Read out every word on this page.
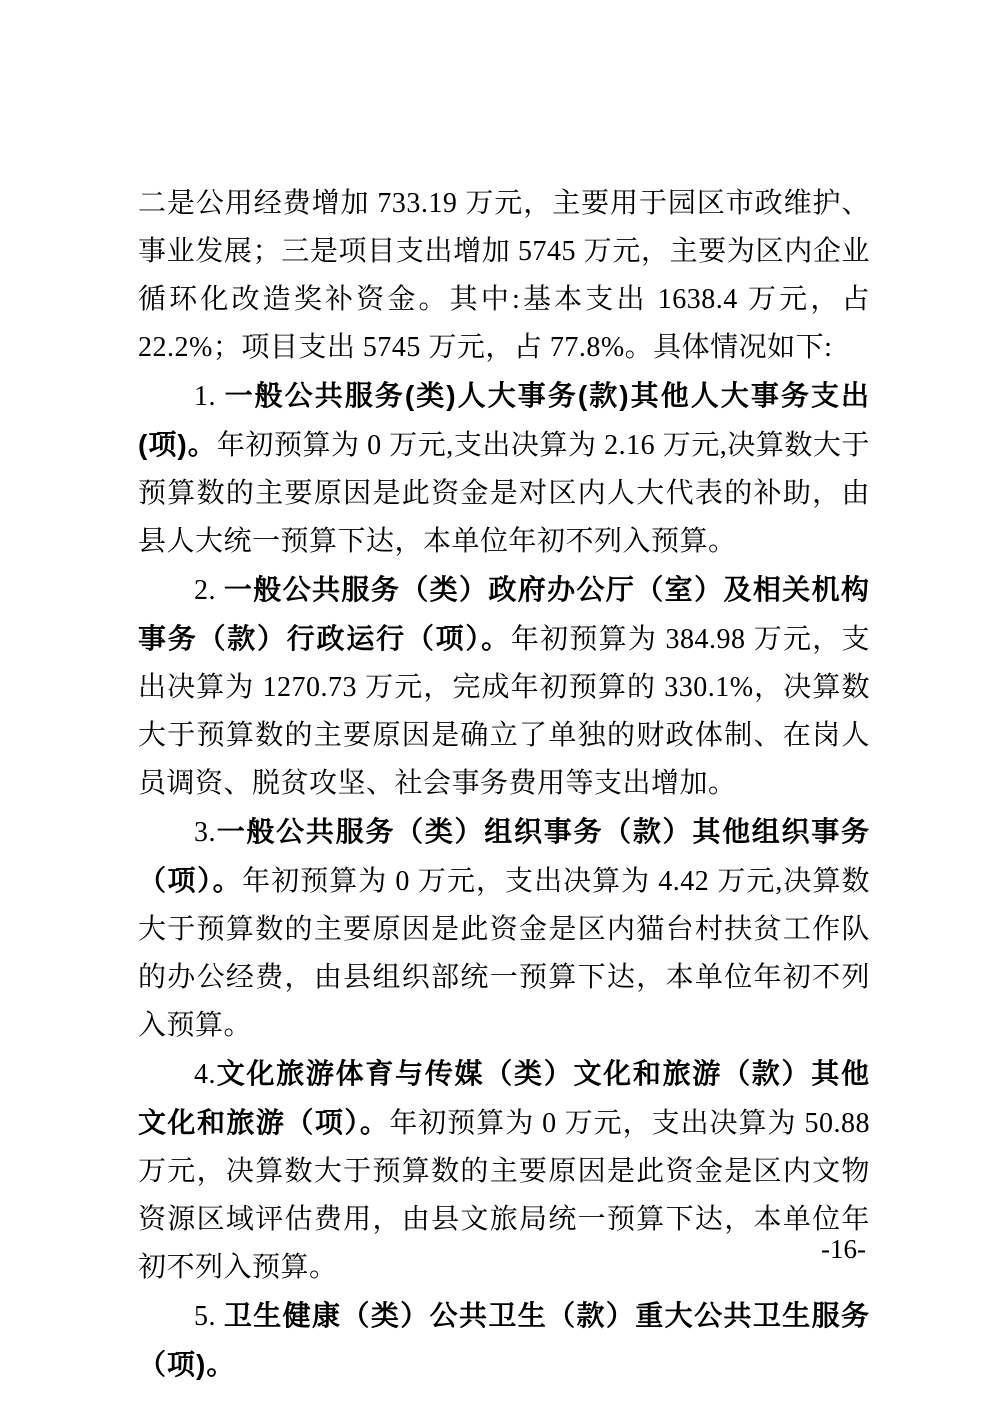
二是公用经费增加 733.19 万元，主要用于园区市政维护、事业发展；三是项目支出增加 5745 万元，主要为区内企业循环化改造奖补资金。其中:基本支出 1638.4 万元，占 22.2%；项目支出 5745 万元，占 77.8%。具体情况如下:

1. 一般公共服务(类)人大事务(款)其他人大事务支出(项)。年初预算为 0 万元,支出决算为 2.16 万元,决算数大于预算数的主要原因是此资金是对区内人大代表的补助，由县人大统一预算下达，本单位年初不列入预算。

2. 一般公共服务（类）政府办公厅（室）及相关机构事务（款）行政运行（项）。年初预算为 384.98 万元，支出决算为 1270.73 万元，完成年初预算的 330.1%，决算数大于预算数的主要原因是确立了单独的财政体制、在岗人员调资、脱贫攻坚、社会事务费用等支出增加。

3.一般公共服务（类）组织事务（款）其他组织事务（项）。年初预算为 0 万元，支出决算为 4.42 万元,决算数大于预算数的主要原因是此资金是区内猫台村扶贫工作队的办公经费，由县组织部统一预算下达，本单位年初不列入预算。

4.文化旅游体育与传媒（类）文化和旅游（款）其他文化和旅游（项）。年初预算为 0 万元，支出决算为 50.88 万元，决算数大于预算数的主要原因是此资金是区内文物资源区域评估费用，由县文旅局统一预算下达，本单位年初不列入预算。

5. 卫生健康（类）公共卫生（款）重大公共卫生服务（项)。

-16-
